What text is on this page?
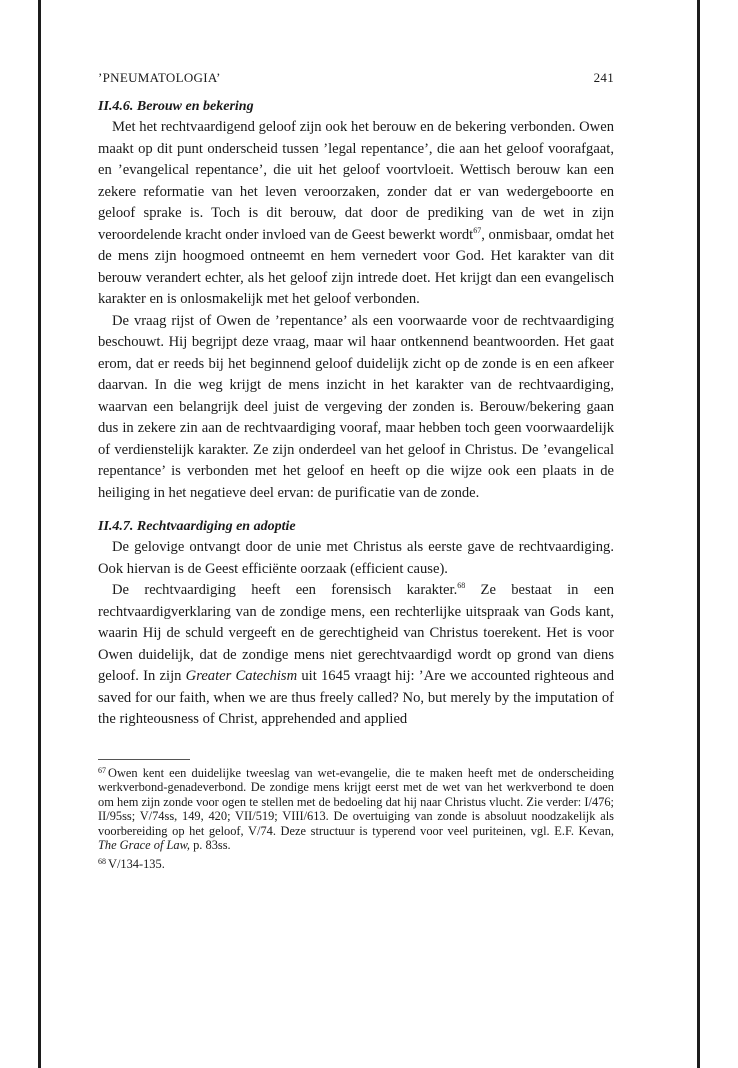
’PNEUMATOLOGIA’	241
II.4.6. Berouw en bekering

Met het rechtvaardigend geloof zijn ook het berouw en de bekering verbonden. Owen maakt op dit punt onderscheid tussen ’legal repentance’, die aan het geloof voorafgaat, en ’evangelical repentance’, die uit het geloof voortvloeit. Wettisch berouw kan een zekere reformatie van het leven veroorzaken, zonder dat er van wedergeboorte en geloof sprake is. Toch is dit berouw, dat door de prediking van de wet in zijn veroordelende kracht onder invloed van de Geest bewerkt wordt$^{67}$, onmisbaar, omdat het de mens zijn hoogmoed ontneemt en hem vernedert voor God. Het karakter van dit berouw verandert echter, als het geloof zijn intrede doet. Het krijgt dan een evangelisch karakter en is onlosmakelijk met het geloof verbonden.

De vraag rijst of Owen de ’repentance’ als een voorwaarde voor de rechtvaardiging beschouwt. Hij begrijpt deze vraag, maar wil haar ontkennend beantwoorden. Het gaat erom, dat er reeds bij het beginnend geloof duidelijk zicht op de zonde is en een afkeer daarvan. In die weg krijgt de mens inzicht in het karakter van de rechtvaardiging, waarvan een belangrijk deel juist de vergeving der zonden is. Berouw/bekering gaan dus in zekere zin aan de rechtvaardiging vooraf, maar hebben toch geen voorwaardelijk of verdienstelijk karakter. Ze zijn onderdeel van het geloof in Christus. De ’evangelical repentance’ is verbonden met het geloof en heeft op die wijze ook een plaats in de heiliging in het negatieve deel ervan: de purificatie van de zonde.

II.4.7. Rechtvaardiging en adoptie

De gelovige ontvangt door de unie met Christus als eerste gave de rechtvaardiging. Ook hiervan is de Geest efficiënte oorzaak (efficient cause).

De rechtvaardiging heeft een forensisch karakter.$^{68}$ Ze bestaat in een rechtvaardigverklaring van de zondige mens, een rechterlijke uitspraak van Gods kant, waarin Hij de schuld vergeeft en de gerechtigheid van Christus toerekent. Het is voor Owen duidelijk, dat de zondige mens niet gerechtvaardigd wordt op grond van diens geloof. In zijn Greater Catechism uit 1645 vraagt hij: ’Are we accounted righteous and saved for our faith, when we are thus freely called? No, but merely by the imputation of the righteousness of Christ, apprehended and applied

$^{67}$ Owen kent een duidelijke tweeslag van wet-evangelie, die te maken heeft met de onderscheiding werkverbond-genadeverbond. De zondige mens krijgt eerst met de wet van het werkverbond te doen om hem zijn zonde voor ogen te stellen met de bedoeling dat hij naar Christus vlucht. Zie verder: I/476; II/95ss; V/74ss, 149, 420; VII/519; VIII/613. De overtuiging van zonde is absoluut noodzakelijk als voorbereiding op het geloof, V/74. Deze structuur is typerend voor veel puriteinen, vgl. E.F. Kevan, The Grace of Law, p. 83ss.

$^{68}$ V/134-135.
